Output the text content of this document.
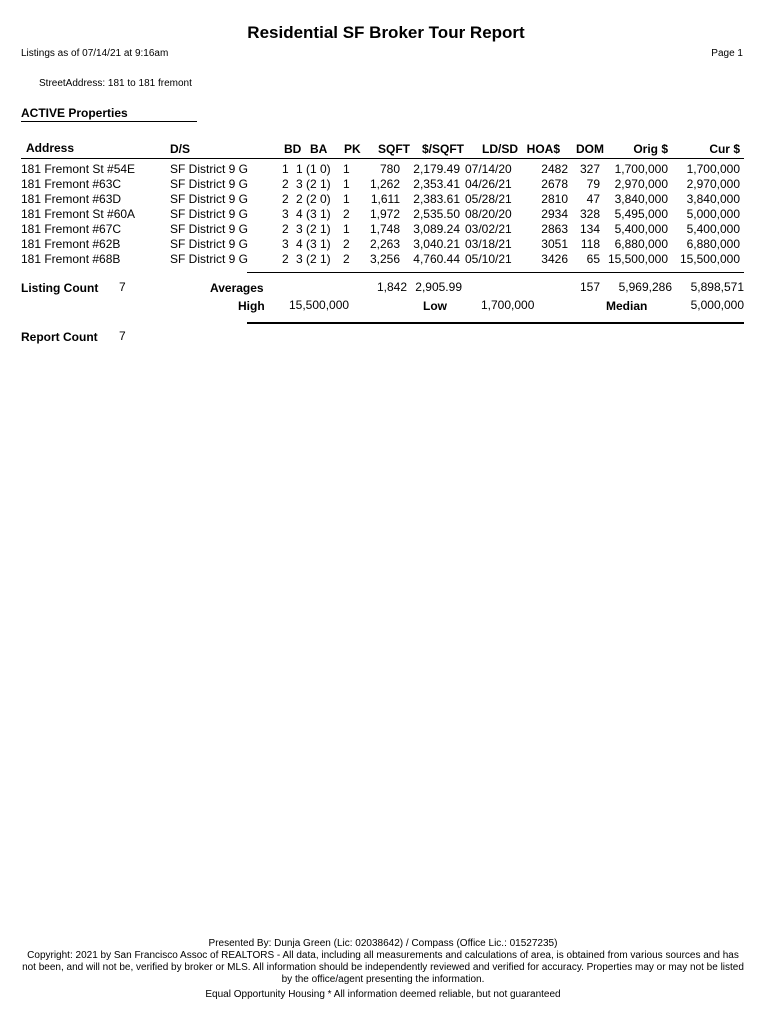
Residential SF Broker Tour Report
Listings as of 07/14/21 at 9:16am	Page 1
StreetAddress: 181 to 181 fremont
ACTIVE Properties
Address	D/S	BD BA PK	SQFT $/SQFT	LD/SD HOA$	DOM	Orig $	Cur $
181 Fremont St #54E	SF District 9 G	1 1 (1 0) 1	780	2,179.49 07/14/20	2482 327	1,700,000	1,700,000
181 Fremont #63C	SF District 9 G	2 3 (2 1) 1	1,262	2,353.41 04/26/21	2678	79	2,970,000	2,970,000
181 Fremont #63D	SF District 9 G	2 2 (2 0) 1	1,611	2,383.61 05/28/21	2810	47	3,840,000	3,840,000
181 Fremont St #60A	SF District 9 G	3 4 (3 1) 2	1,972	2,535.50 08/20/20	2934 328	5,495,000	5,000,000
181 Fremont #67C	SF District 9 G	2 3 (2 1) 1	1,748	3,089.24 03/02/21	2863 134	5,400,000	5,400,000
181 Fremont #62B	SF District 9 G	3 4 (3 1) 2	2,263	3,040.21 03/18/21	3051	118	6,880,000	6,880,000
181 Fremont #68B	SF District 9 G	2 3 (2 1) 2	3,256	4,760.44 05/10/21	3426	65 15,500,000 15,500,000
Listing Count 7	Averages	1,842 2,905.99	157	5,969,286	5,898,571
High 15,500,000	Low	1,700,000	Median	5,000,000
Report Count 7
Presented By: Dunja Green (Lic: 02038642) / Compass (Office Lic.: 01527235)
Copyright: 2021 by San Francisco Assoc of REALTORS - All data, including all measurements and calculations of area, is obtained from various sources and has not been, and will not be, verified by broker or MLS. All information should be independently reviewed and verified for accuracy. Properties may or may not be listed by the office/agent presenting the information.
Equal Opportunity Housing * All information deemed reliable, but not guaranteed
